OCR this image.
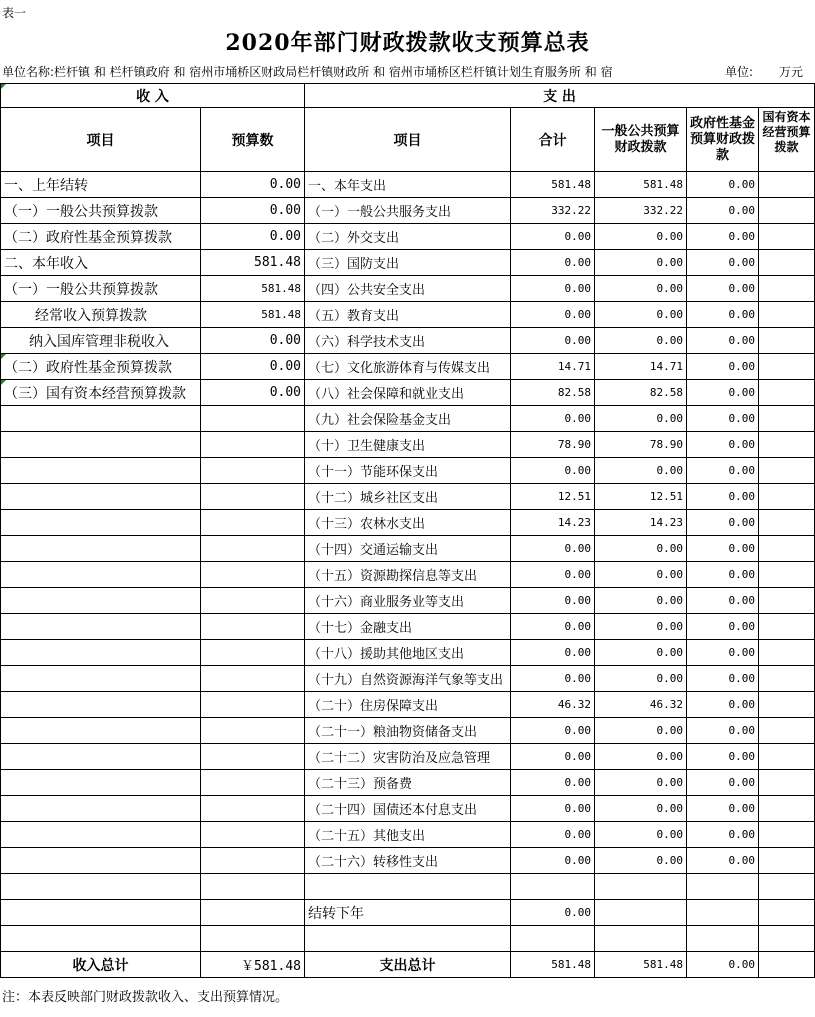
表一
2020年部门财政拨款收支预算总表
单位名称:栏杆镇 和 栏杆镇政府 和 宿州市埇桥区财政局栏杆镇财政所 和 宿州市埇桥区栏杆镇计划生育服务所 和 宿	单位: 万元
收 入		支 出				
项目	预算数	项目	合计	一般公共预算财政拨款	政府性基金预算财政拨款	国有资本经营预算拨款
一、上年结转	0.00	一、本年支出	581.48	581.48	0.00	
（一）一般公共预算拨款	0.00	（一）一般公共服务支出	332.22	332.22	0.00	
（二）政府性基金预算拨款	0.00	（二）外交支出	0.00	0.00	0.00	
二、本年收入	581.48	（三）国防支出	0.00	0.00	0.00	
（一）一般公共预算拨款	581.48	（四）公共安全支出	0.00	0.00	0.00	
经常收入预算拨款	581.48	（五）教育支出	0.00	0.00	0.00	
纳入国库管理非税收入	0.00	（六）科学技术支出	0.00	0.00	0.00	
（二）政府性基金预算拨款	0.00	（七）文化旅游体育与传媒支出	14.71	14.71	0.00	
（三）国有资本经营预算拨款	0.00	（八）社会保障和就业支出	82.58	82.58	0.00	
		（九）社会保险基金支出	0.00	0.00	0.00	
		（十）卫生健康支出	78.90	78.90	0.00	
		（十一）节能环保支出	0.00	0.00	0.00	
		（十二）城乡社区支出	12.51	12.51	0.00	
		（十三）农林水支出	14.23	14.23	0.00	
		（十四）交通运输支出	0.00	0.00	0.00	
		（十五）资源勘探信息等支出	0.00	0.00	0.00	
		（十六）商业服务业等支出	0.00	0.00	0.00	
		（十七）金融支出	0.00	0.00	0.00	
		（十八）援助其他地区支出	0.00	0.00	0.00	
		（十九）自然资源海洋气象等支出	0.00	0.00	0.00	
		（二十）住房保障支出	46.32	46.32	0.00	
		（二十一）粮油物资储备支出	0.00	0.00	0.00	
		（二十二）灾害防治及应急管理	0.00	0.00	0.00	
		（二十三）预备费	0.00	0.00	0.00	
		（二十四）国债还本付息支出	0.00	0.00	0.00	
		（二十五）其他支出	0.00	0.00	0.00	
		（二十六）转移性支出	0.00	0.00	0.00	

		结转下年	0.00			

收入总计	￥581.48	支出总计	581.48	581.48	0.00	
注：本表反映部门财政拨款收入、支出预算情况。
